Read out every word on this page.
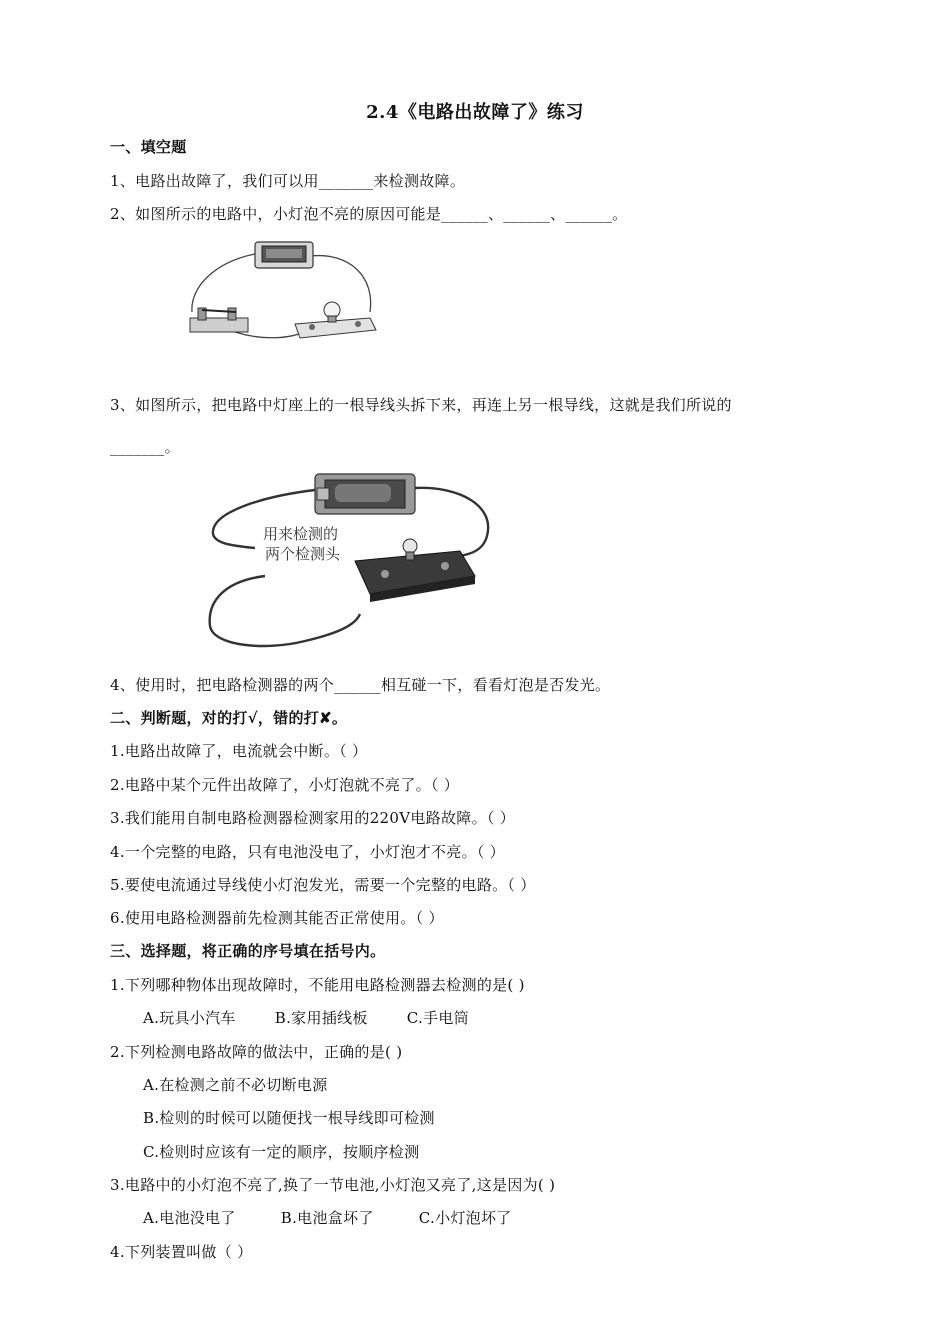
2.4《电路出故障了》练习
一、填空题
1、电路出故障了，我们可以用_______来检测故障。
2、如图所示的电路中，小灯泡不亮的原因可能是______、______、______。
3、如图所示，把电路中灯座上的一根导线头拆下来，再连上另一根导线，这就是我们所说的
_______。
用来检测的
两个检测头
4、使用时，把电路检测器的两个______相互碰一下，看看灯泡是否发光。
二、判断题，对的打√，错的打✘。
1.电路出故障了，电流就会中断。（ ）
2.电路中某个元件出故障了，小灯泡就不亮了。（ ）
3.我们能用自制电路检测器检测家用的220V电路故障。（ ）
4.一个完整的电路，只有电池没电了，小灯泡才不亮。（ ）
5.要使电流通过导线使小灯泡发光，需要一个完整的电路。（ ）
6.使用电路检测器前先检测其能否正常使用。（ ）
三、选择题，将正确的序号填在括号内。
1.下列哪种物体出现故障时，不能用电路检测器去检测的是( )
A.玩具小汽车	B.家用插线板	C.手电筒
2.下列检测电路故障的做法中，正确的是( )
A.在检测之前不必切断电源
B.检则的时候可以随便找一根导线即可检测
C.检则时应该有一定的顺序，按顺序检测
3.电路中的小灯泡不亮了,换了一节电池,小灯泡又亮了,这是因为( )
A.电池没电了	B.电池盒坏了	C.小灯泡坏了
4.下列装置叫做（ ）
